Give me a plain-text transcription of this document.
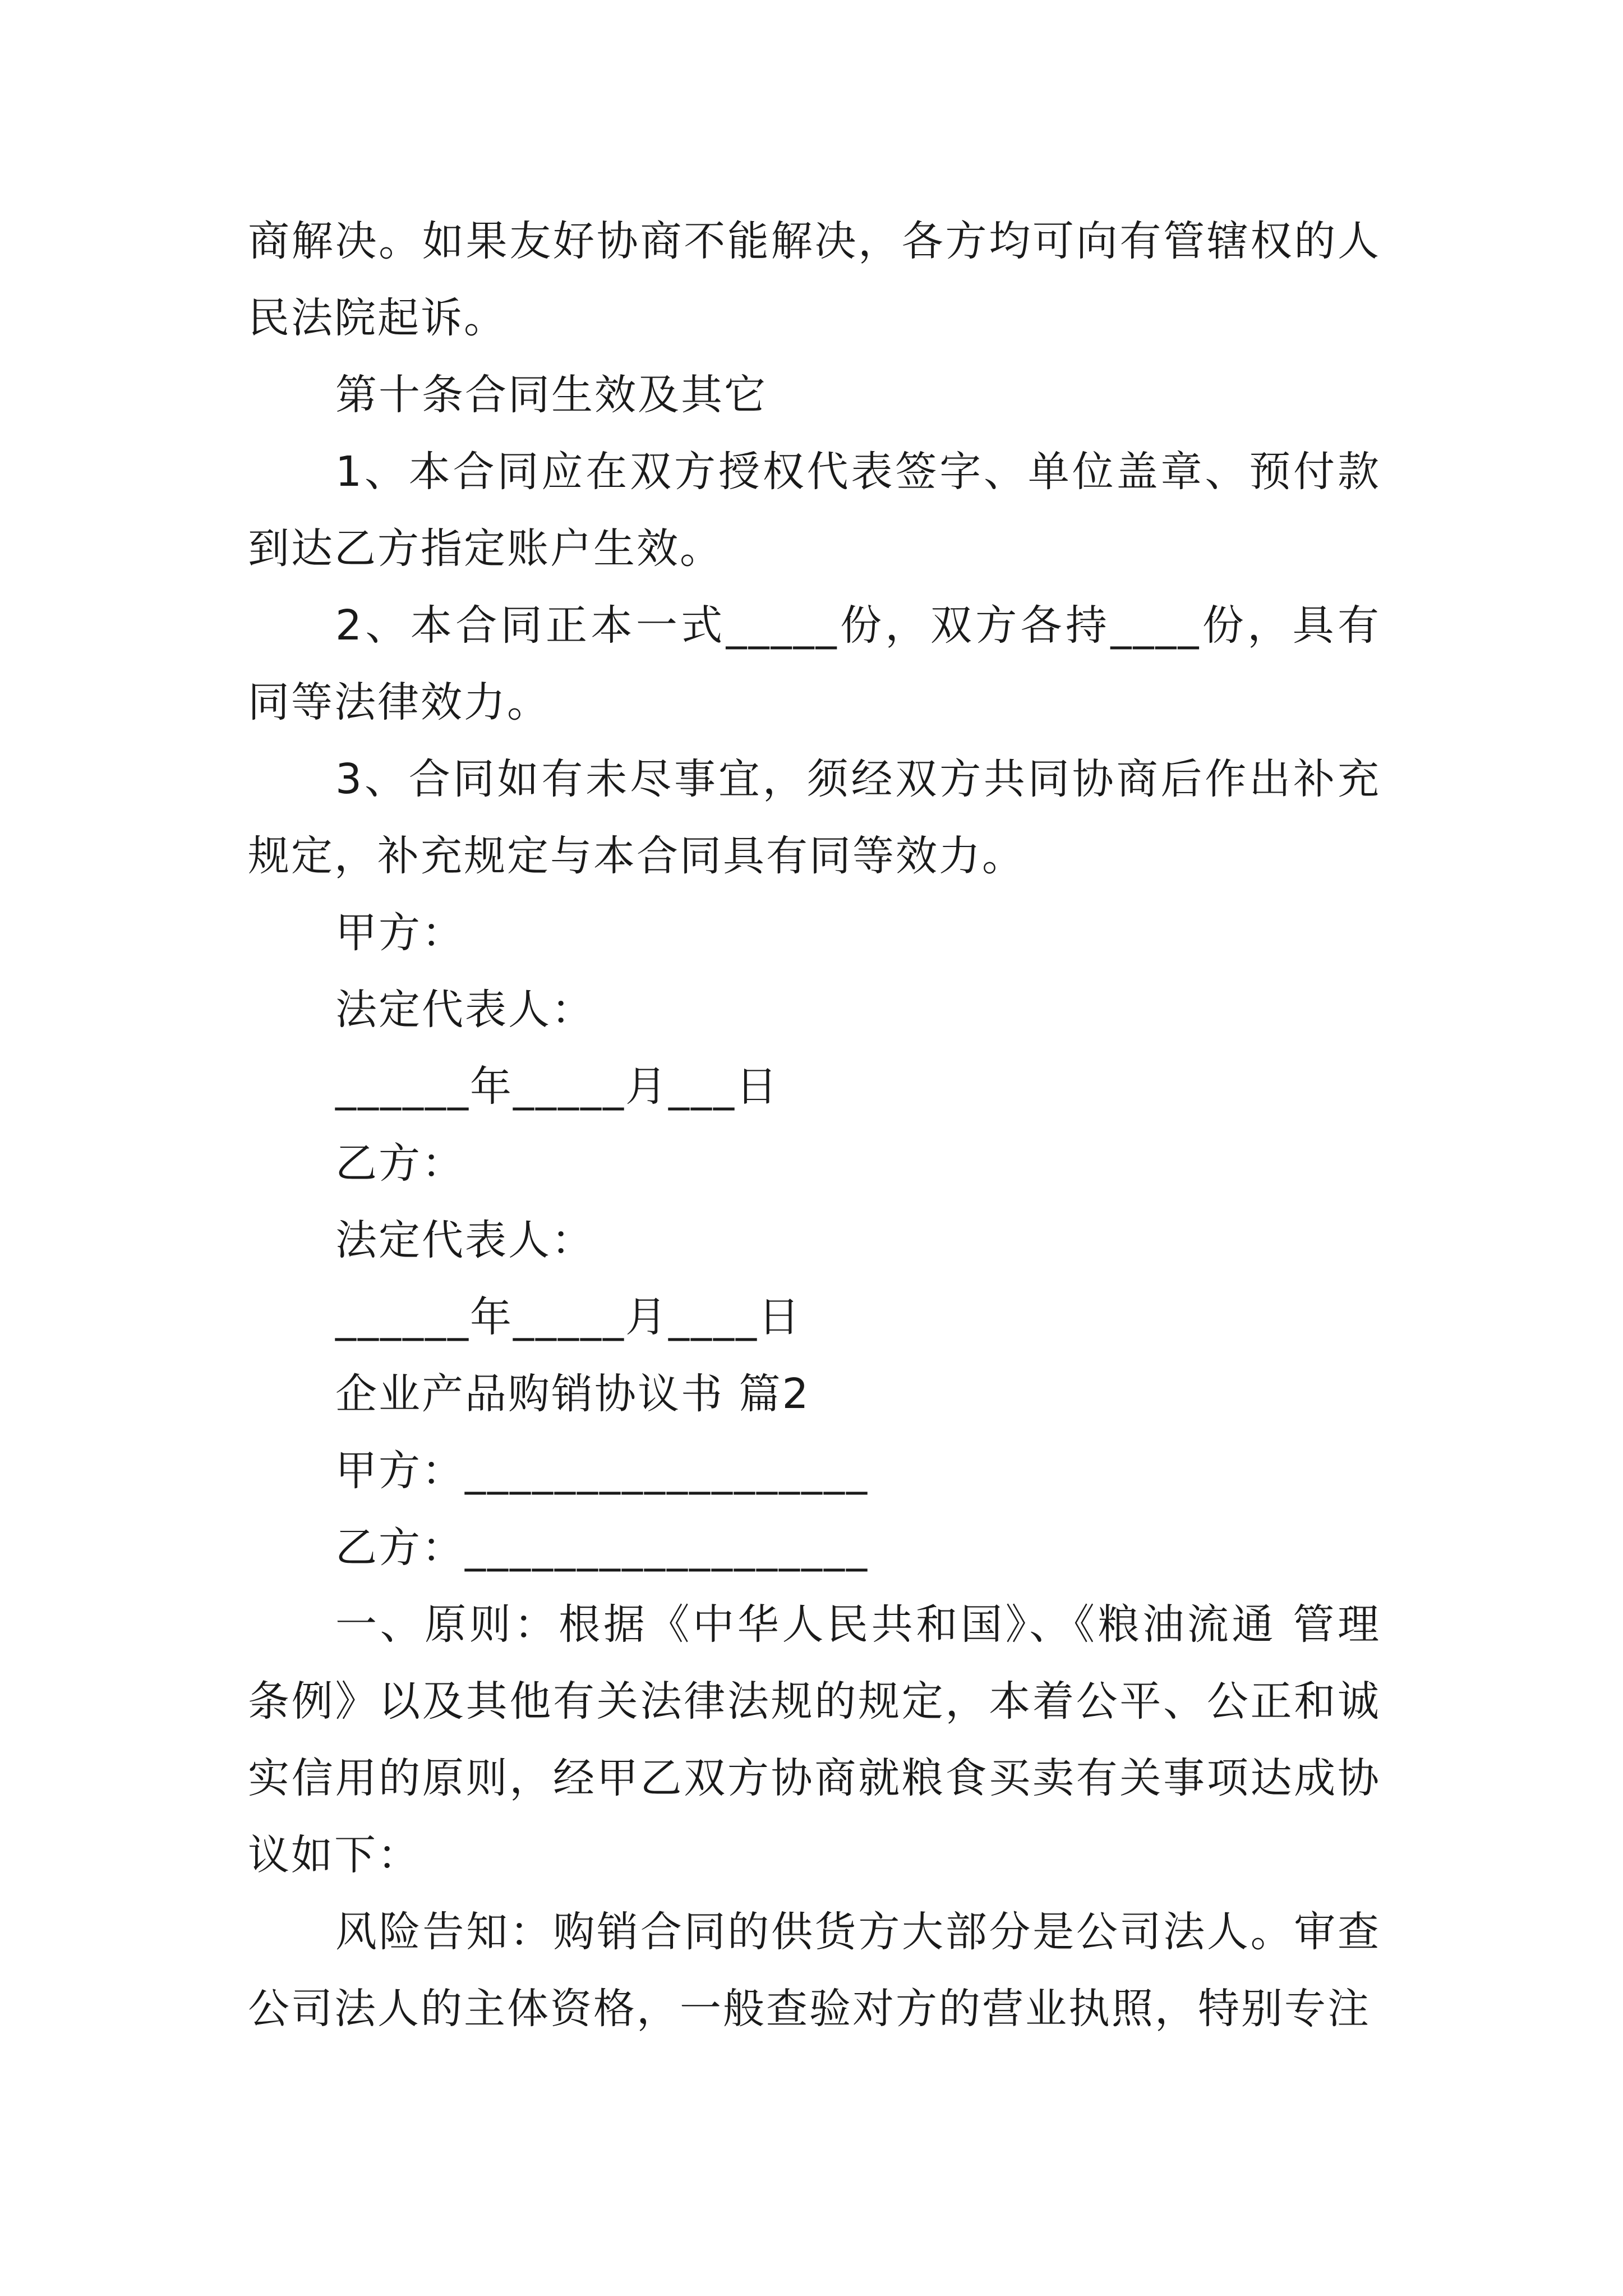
商解决。如果友好协商不能解决，各方均可向有管辖权的人民法院起诉。

第十条合同生效及其它

1、本合同应在双方授权代表签字、单位盖章、预付款到达乙方指定账户生效。

2、本合同正本一式_____份，双方各持____份，具有同等法律效力。

3、合同如有未尽事宜，须经双方共同协商后作出补充规定，补充规定与本合同具有同等效力。

甲方：

法定代表人：

______年_____月___日

乙方：

法定代表人：

______年_____月____日

企业产品购销协议书 篇2

甲方：__________________

乙方：__________________

一、原则：根据《中华人民共和国》、《粮油流通 管理条例》以及其他有关法律法规的规定，本着公平、公正和诚实信用的原则，经甲乙双方协商就粮食买卖有关事项达成协议如下：

风险告知：购销合同的供货方大部分是公司法人。审查公司法人的主体资格，一般查验对方的营业执照，特别专注
